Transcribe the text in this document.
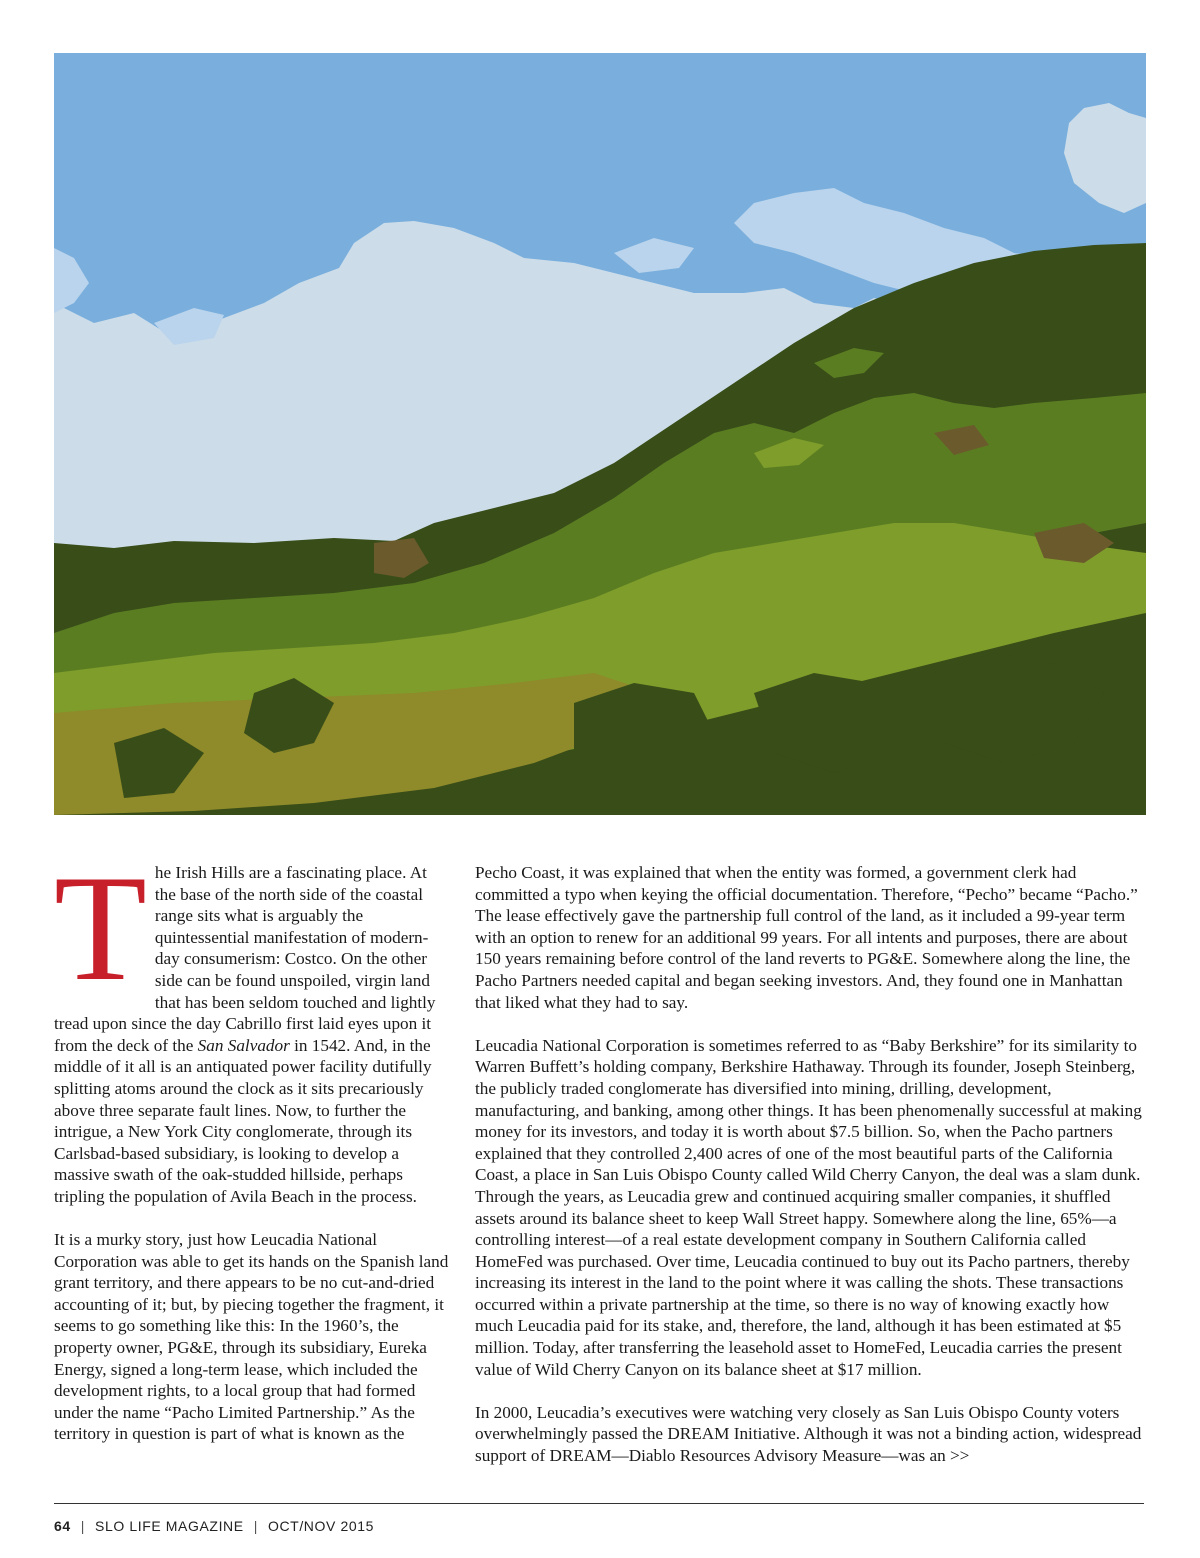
The Irish Hills are a fascinating place. At the base of the north side of the coastal range sits what is arguably the quintessential manifestation of modern-day consumerism: Costco. On the other side can be found unspoiled, virgin land that has been seldom touched and lightly tread upon since the day Cabrillo first laid eyes upon it from the deck of the San Salvador in 1542. And, in the middle of it all is an antiquated power facility dutifully splitting atoms around the clock as it sits precariously above three separate fault lines. Now, to further the intrigue, a New York City conglomerate, through its Carlsbad-based subsidiary, is looking to develop a massive swath of the oak-studded hillside, perhaps tripling the population of Avila Beach in the process.

It is a murky story, just how Leucadia National Corporation was able to get its hands on the Spanish land grant territory, and there appears to be no cut-and-dried accounting of it; but, by piecing together the fragment, it seems to go something like this: In the 1960’s, the property owner, PG&E, through its subsidiary, Eureka Energy, signed a long-term lease, which included the development rights, to a local group that had formed under the name “Pacho Limited Partnership.” As the territory in question is part of what is known as the

Pecho Coast, it was explained that when the entity was formed, a government clerk had committed a typo when keying the official documentation. Therefore, “Pecho” became “Pacho.” The lease effectively gave the partnership full control of the land, as it included a 99-year term with an option to renew for an additional 99 years. For all intents and purposes, there are about 150 years remaining before control of the land reverts to PG&E. Somewhere along the line, the Pacho Partners needed capital and began seeking investors. And, they found one in Manhattan that liked what they had to say.

Leucadia National Corporation is sometimes referred to as “Baby Berkshire” for its similarity to Warren Buffett’s holding company, Berkshire Hathaway. Through its founder, Joseph Steinberg, the publicly traded conglomerate has diversified into mining, drilling, development, manufacturing, and banking, among other things. It has been phenomenally successful at making money for its investors, and today it is worth about $7.5 billion. So, when the Pacho partners explained that they controlled 2,400 acres of one of the most beautiful parts of the California Coast, a place in San Luis Obispo County called Wild Cherry Canyon, the deal was a slam dunk. Through the years, as Leucadia grew and continued acquiring smaller companies, it shuffled assets around its balance sheet to keep Wall Street happy. Somewhere along the line, 65%—a controlling interest—of a real estate development company in Southern California called HomeFed was purchased. Over time, Leucadia continued to buy out its Pacho partners, thereby increasing its interest in the land to the point where it was calling the shots. These transactions occurred within a private partnership at the time, so there is no way of knowing exactly how much Leucadia paid for its stake, and, therefore, the land, although it has been estimated at $5 million. Today, after transferring the leasehold asset to HomeFed, Leucadia carries the present value of Wild Cherry Canyon on its balance sheet at $17 million.

In 2000, Leucadia’s executives were watching very closely as San Luis Obispo County voters overwhelmingly passed the DREAM Initiative. Although it was not a binding action, widespread support of DREAM—Diablo Resources Advisory Measure—was an >>

64 | SLO LIFE MAGAZINE | OCT/NOV 2015
